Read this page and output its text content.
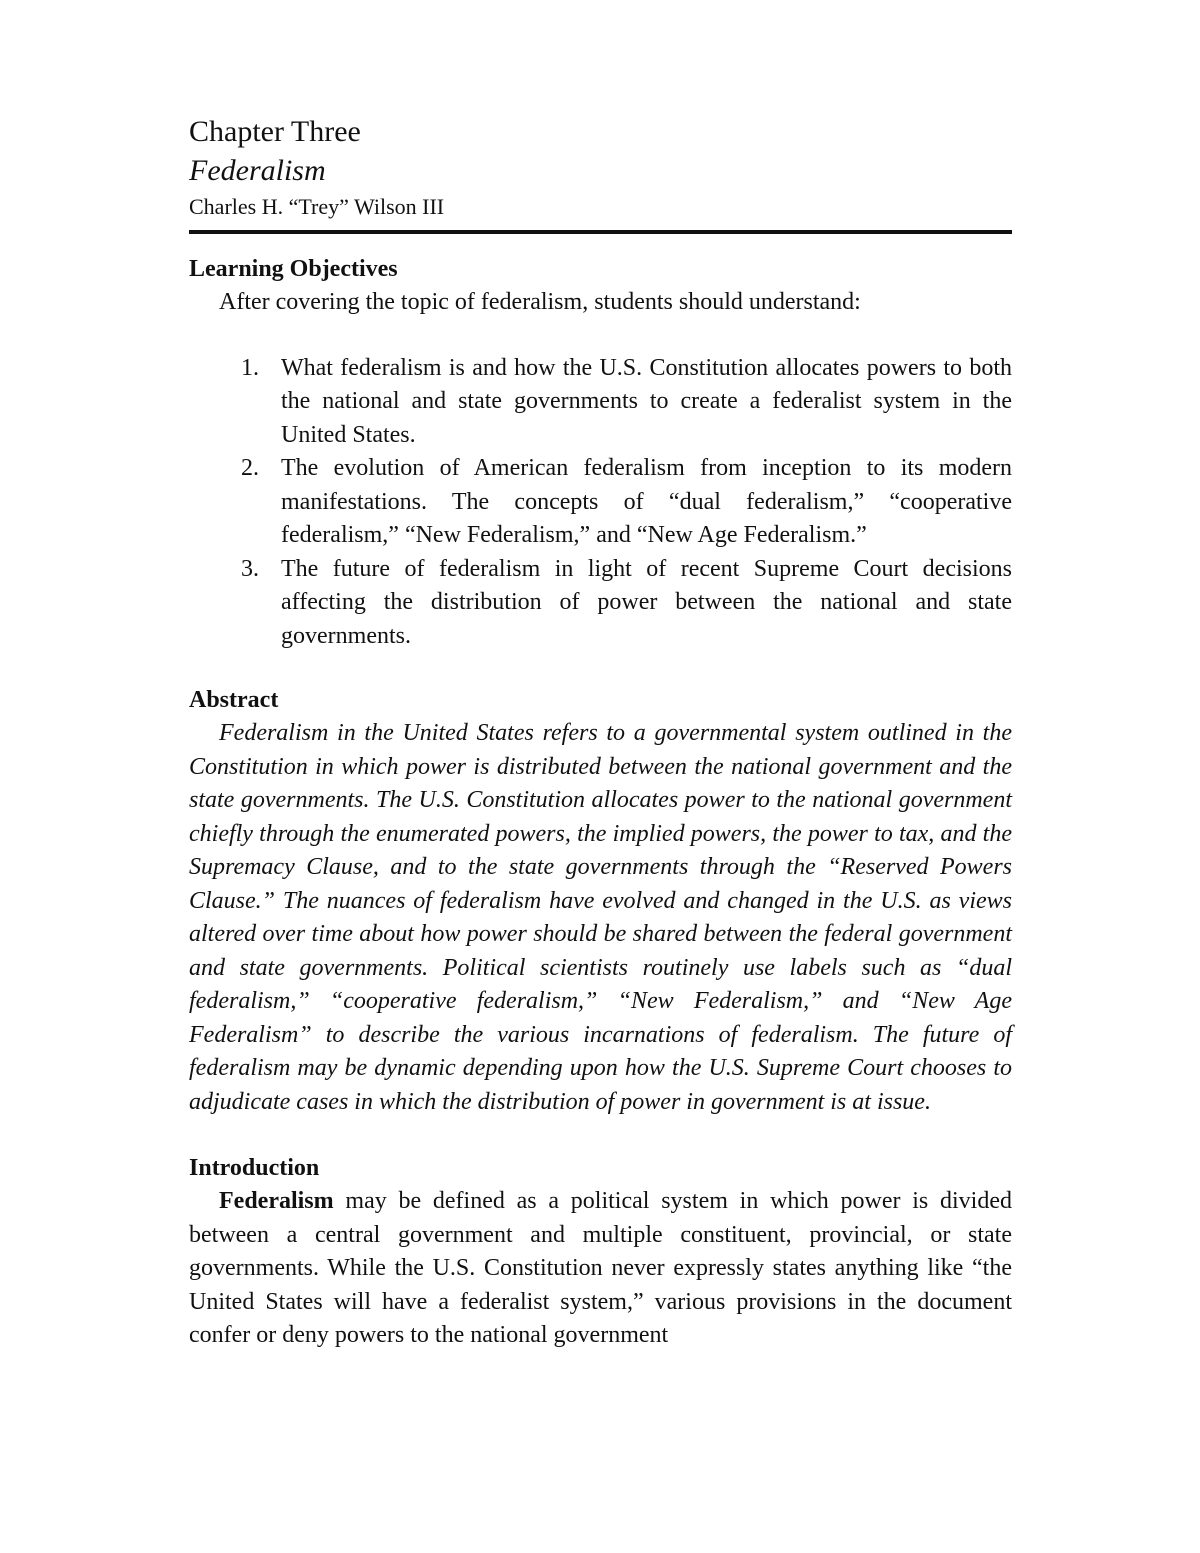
Chapter Three

Federalism

Charles H. “Trey” Wilson III

Learning Objectives

After covering the topic of federalism, students should understand:

1. What federalism is and how the U.S. Constitution allocates powers to both the national and state governments to create a federalist system in the United States.
2. The evolution of American federalism from inception to its modern manifestations. The concepts of “dual federalism,” “cooperative federalism,” “New Federalism,” and “New Age Federalism.”
3. The future of federalism in light of recent Supreme Court decisions affecting the distribution of power between the national and state governments.
Abstract

Federalism in the United States refers to a governmental system outlined in the Constitution in which power is distributed between the national government and the state governments. The U.S. Constitution allocates power to the national government chiefly through the enumerated powers, the implied powers, the power to tax, and the Supremacy Clause, and to the state governments through the “Reserved Powers Clause.” The nuances of federalism have evolved and changed in the U.S. as views altered over time about how power should be shared between the federal government and state governments. Political scientists routinely use labels such as “dual federalism,” “cooperative federalism,” “New Federalism,” and “New Age Federalism” to describe the various incarnations of federalism. The future of federalism may be dynamic depending upon how the U.S. Supreme Court chooses to adjudicate cases in which the distribution of power in government is at issue.

Introduction

Federalism may be defined as a political system in which power is divided between a central government and multiple constituent, provincial, or state governments. While the U.S. Constitution never expressly states anything like “the United States will have a federalist system,” various provisions in the document confer or deny powers to the national government
